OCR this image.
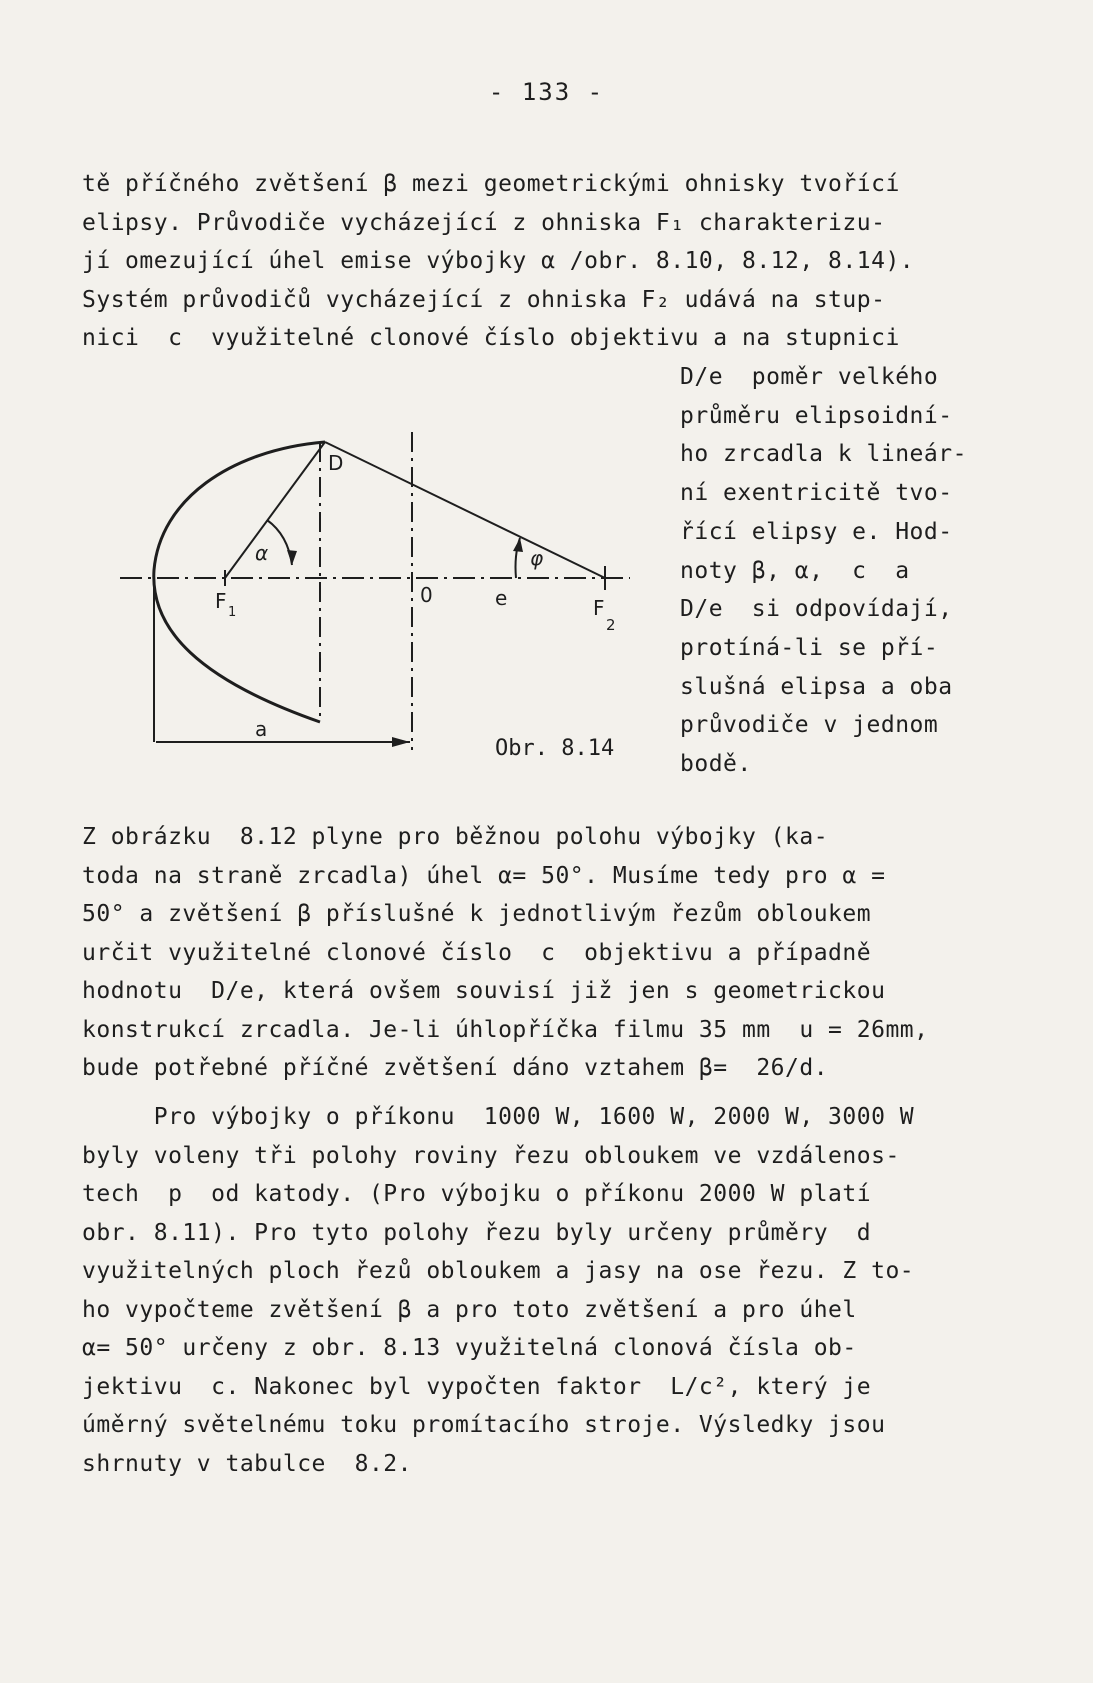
- 133 -
tě příčného zvětšení β mezi geometrickými ohnisky tvořící
elipsy. Průvodiče vycházející z ohniska F₁ charakterizu-
jí omezující úhel emise výbojky α /obr. 8.10, 8.12, 8.14).
Systém průvodičů vycházející z ohniska F₂ udává na stup-
nici  c  využitelné clonové číslo objektivu a na stupnici
D/e  poměr velkého
průměru elipsoidní-
ho zrcadla k lineár-
ní exentricitě tvo-
řící elipsy e. Hod-
noty β, α,  c  a
D/e  si odpovídají,
protíná-li se pří-
slušná elipsa a oba
průvodiče v jednom
bodě.
D
α	φ
F 1
0	e	F
2
a
Obr. 8.14
Z obrázku  8.12 plyne pro běžnou polohu výbojky (ka-
toda na straně zrcadla) úhel α= 50°. Musíme tedy pro α =
50° a zvětšení β příslušné k jednotlivým řezům obloukem
určit využitelné clonové číslo  c  objektivu a případně
hodnotu  D/e, která ovšem souvisí již jen s geometrickou
konstrukcí zrcadla. Je-li úhlopříčka filmu 35 mm  u = 26mm,
bude potřebné příčné zvětšení dáno vztahem β=  26/d.
Pro výbojky o příkonu  1000 W, 1600 W, 2000 W, 3000 W
byly voleny tři polohy roviny řezu obloukem ve vzdálenos-
tech  p  od katody. (Pro výbojku o příkonu 2000 W platí
obr. 8.11). Pro tyto polohy řezu byly určeny průměry  d
využitelných ploch řezů obloukem a jasy na ose řezu. Z to-
ho vypočteme zvětšení β a pro toto zvětšení a pro úhel
α= 50° určeny z obr. 8.13 využitelná clonová čísla ob-
jektivu  c. Nakonec byl vypočten faktor  L/c², který je
úměrný světelnému toku promítacího stroje. Výsledky jsou
shrnuty v tabulce  8.2.
